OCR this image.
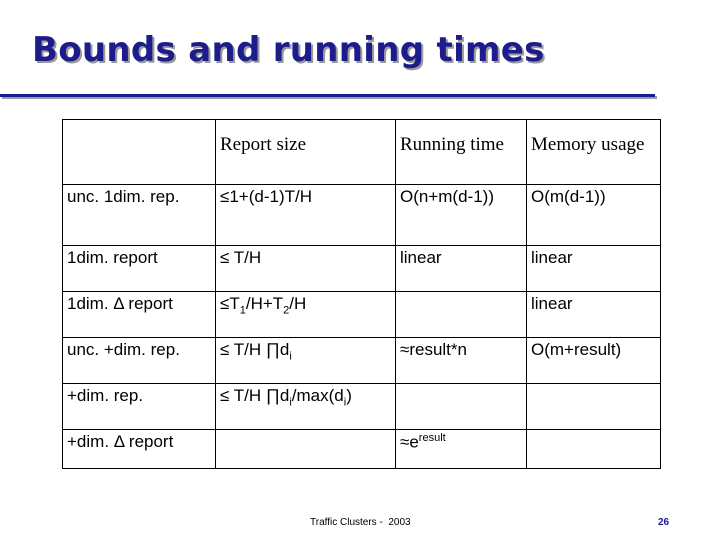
Bounds and running times
	Report size	Running time	Memory usage
unc. 1dim. rep.	≤1+(d-1)T/H	O(n+m(d-1))	O(m(d-1))
1dim. report	≤ T/H	linear	linear
1dim. Δ report	$\le T_1/H+T_2/H$		linear
unc. +dim. rep.	≤ T/H $\prod d_i$	≈result*n	O(m+result)
+dim. rep.	≤ T/H $\prod d_i/\max(d_i)$		
+dim. Δ report		$\approx e^{result}$	
Traffic Clusters -  2003	26
